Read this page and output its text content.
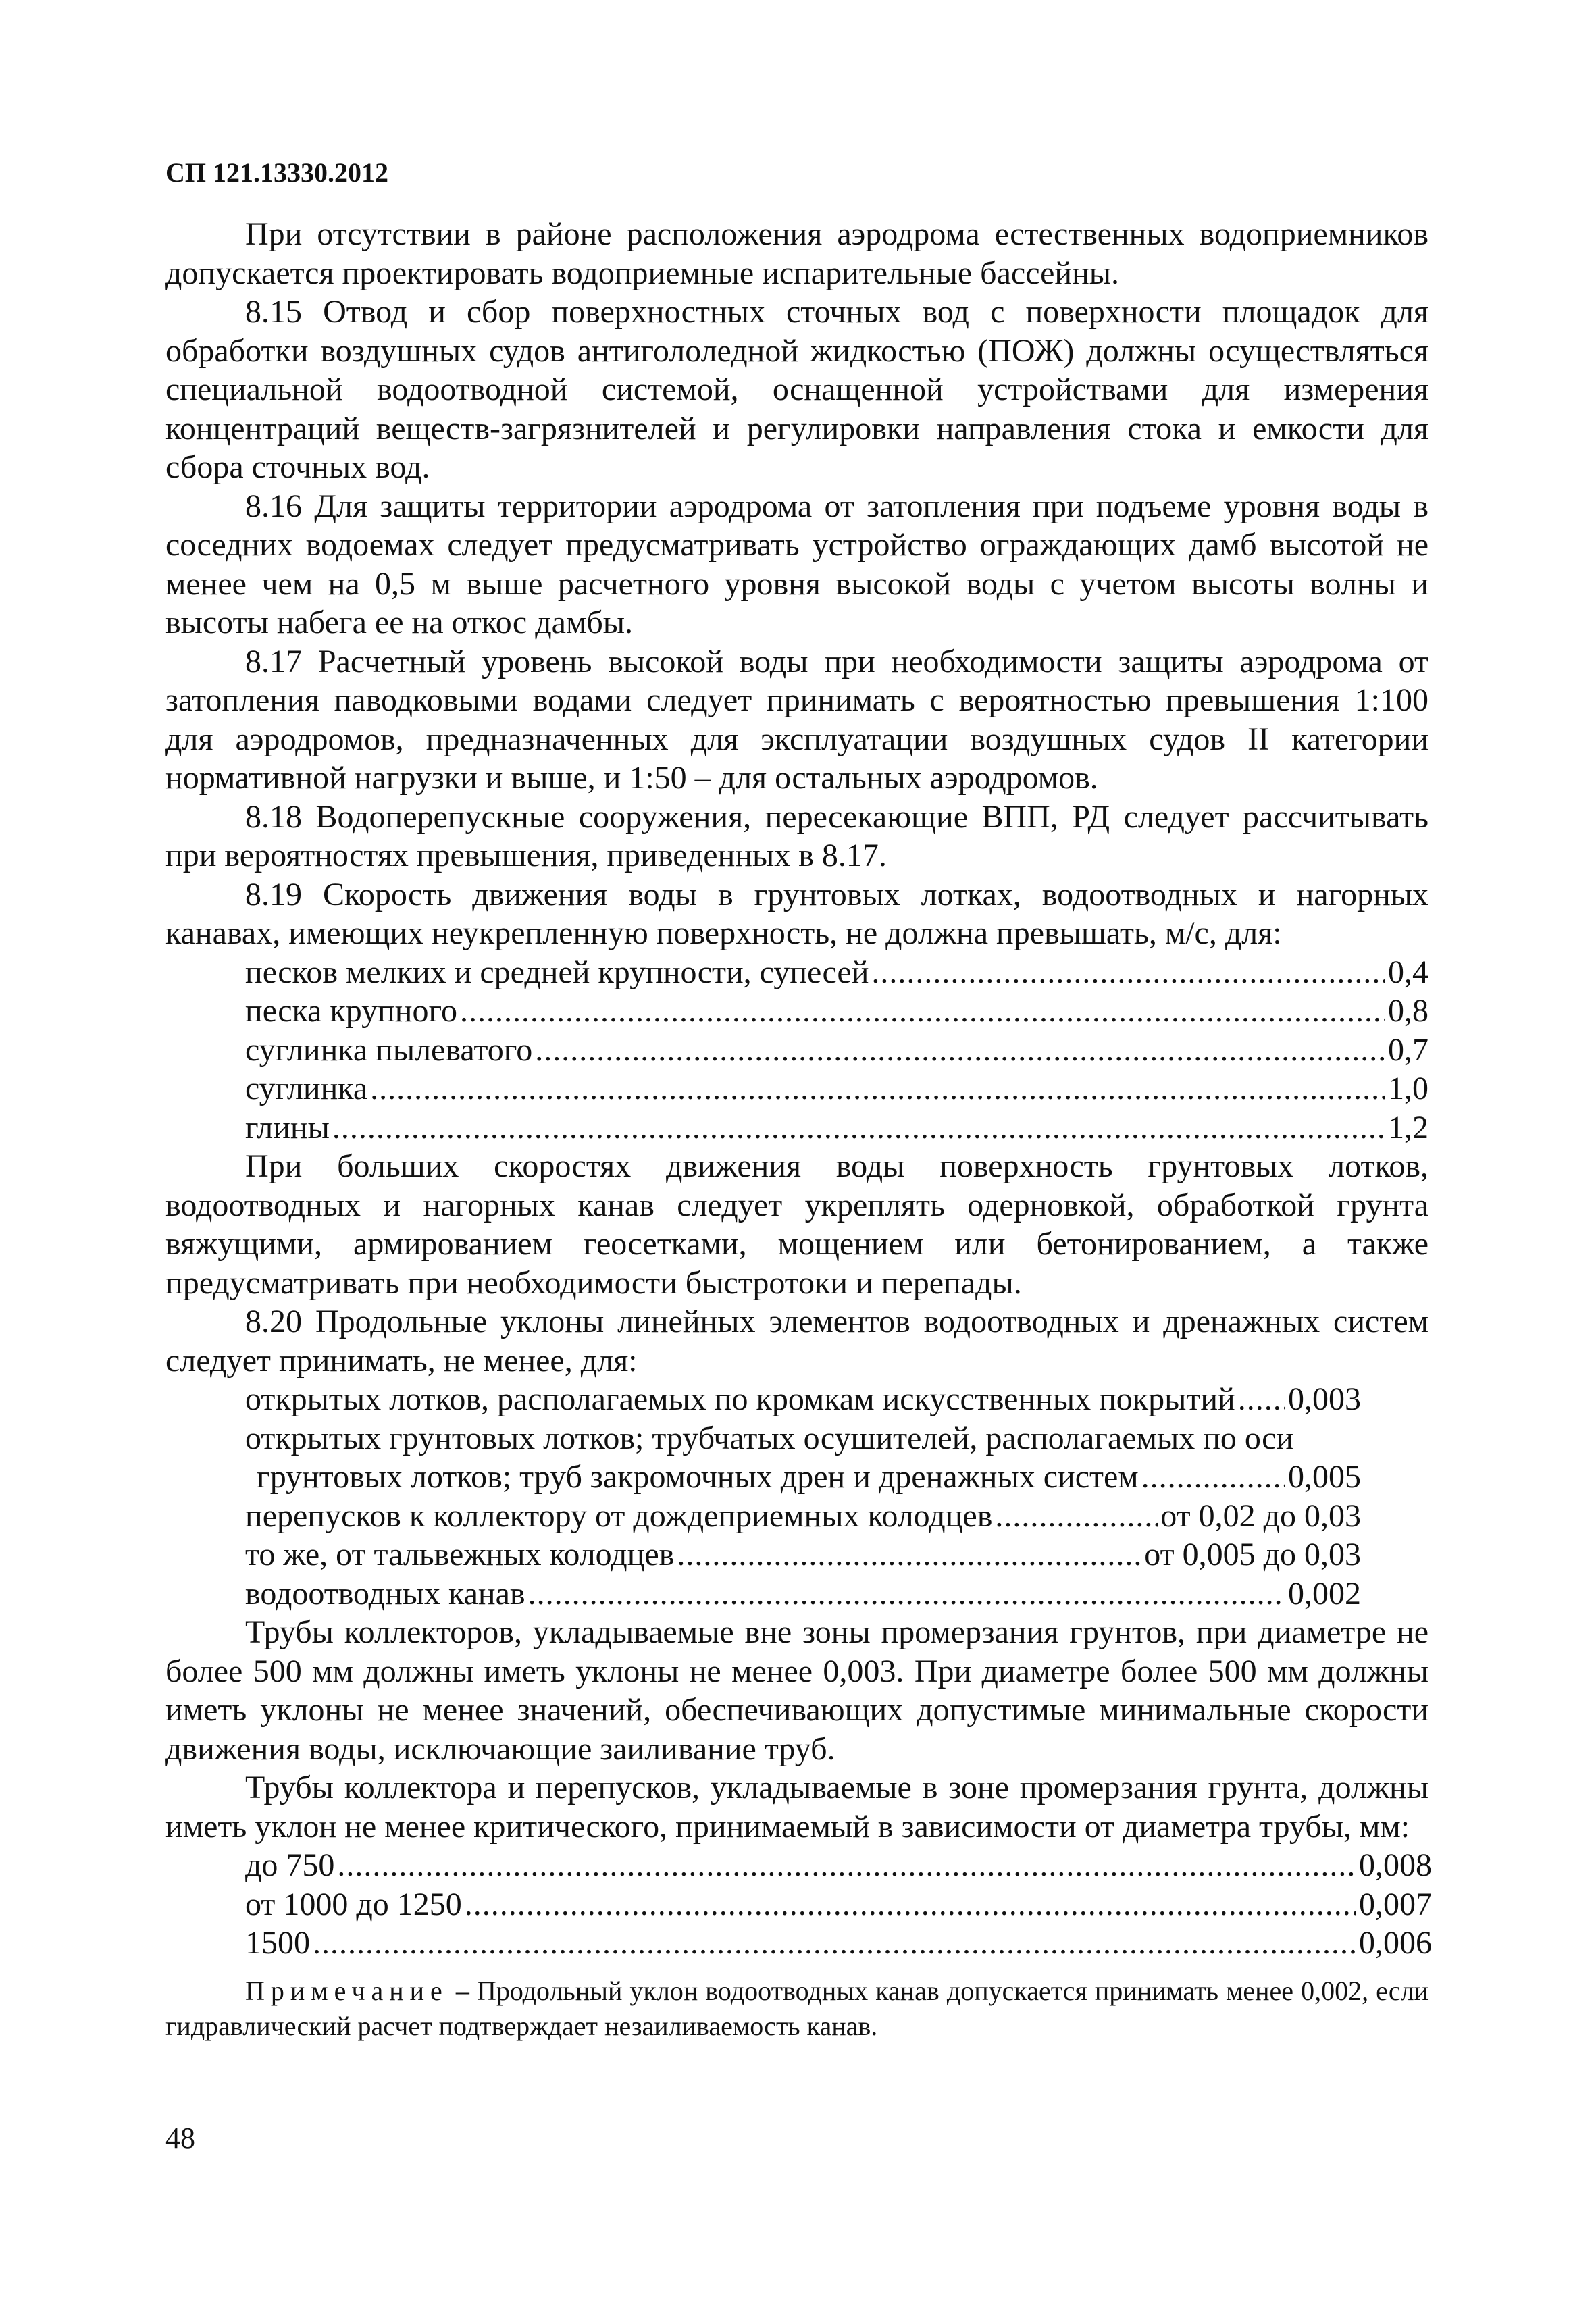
СП 121.13330.2012

При отсутствии в районе расположения аэродрома естественных водоприемников допускается проектировать водоприемные испарительные бассейны.

8.15 Отвод и сбор поверхностных сточных вод с поверхности площадок для обработки воздушных судов антигололедной жидкостью (ПОЖ) должны осуществляться специальной водоотводной системой, оснащенной устройствами для измерения концентраций веществ-загрязнителей и регулировки направления стока и емкости для сбора сточных вод.

8.16 Для защиты территории аэродрома от затопления при подъеме уровня воды в соседних водоемах следует предусматривать устройство ограждающих дамб высотой не менее чем на 0,5 м выше расчетного уровня высокой воды с учетом высоты волны и высоты набега ее на откос дамбы.

8.17 Расчетный уровень высокой воды при необходимости защиты аэродрома от затопления паводковыми водами следует принимать с вероятностью превышения 1:100 для аэродромов, предназначенных для эксплуатации воздушных судов II категории нормативной нагрузки и выше, и 1:50 – для остальных аэродромов.

8.18 Водоперепускные сооружения, пересекающие ВПП, РД следует рассчитывать при вероятностях превышения, приведенных в 8.17.

8.19 Скорость движения воды в грунтовых лотках, водоотводных и нагорных канавах, имеющих неукрепленную поверхность, не должна превышать, м/с, для:

песков мелких и средней крупности, супесей .....	0,4
песка крупного .....	0,8
суглинка пылеватого .....	0,7
суглинка .....	1,0
глины .....	1,2

При больших скоростях движения воды поверхность грунтовых лотков, водоотводных и нагорных канав следует укреплять одерновкой, обработкой грунта вяжущими, армированием геосетками, мощением или бетонированием, а также предусматривать при необходимости быстротоки и перепады.

8.20 Продольные уклоны линейных элементов водоотводных и дренажных систем следует принимать, не менее, для:

открытых лотков, располагаемых по кромкам искусственных покрытий ..... 0,003

открытых грунтовых лотков; трубчатых осушителей, располагаемых по оси

грунтовых лотков; труб закромочных дрен и дренажных систем .....	0,005
перепусков к коллектору от дождеприемных колодцев .....	от 0,02 до 0,03
то же, от тальвежных колодцев .....	от 0,005 до 0,03
водоотводных канав .....	0,002

Трубы коллекторов, укладываемые вне зоны промерзания грунтов, при диаметре не более 500 мм должны иметь уклоны не менее 0,003. При диаметре более 500 мм должны иметь уклоны не менее значений, обеспечивающих допустимые минимальные скорости движения воды, исключающие заиливание труб.

Трубы коллектора и перепусков, укладываемые в зоне промерзания грунта, должны иметь уклон не менее критического, принимаемый в зависимости от диаметра трубы, мм:

до 750 .....	0,008
от 1000 до 1250 .....	0,007
1500 .....	0,006

Примечание – Продольный уклон водоотводных канав допускается принимать менее 0,002, если гидравлический расчет подтверждает незаиливаемость канав.

48
